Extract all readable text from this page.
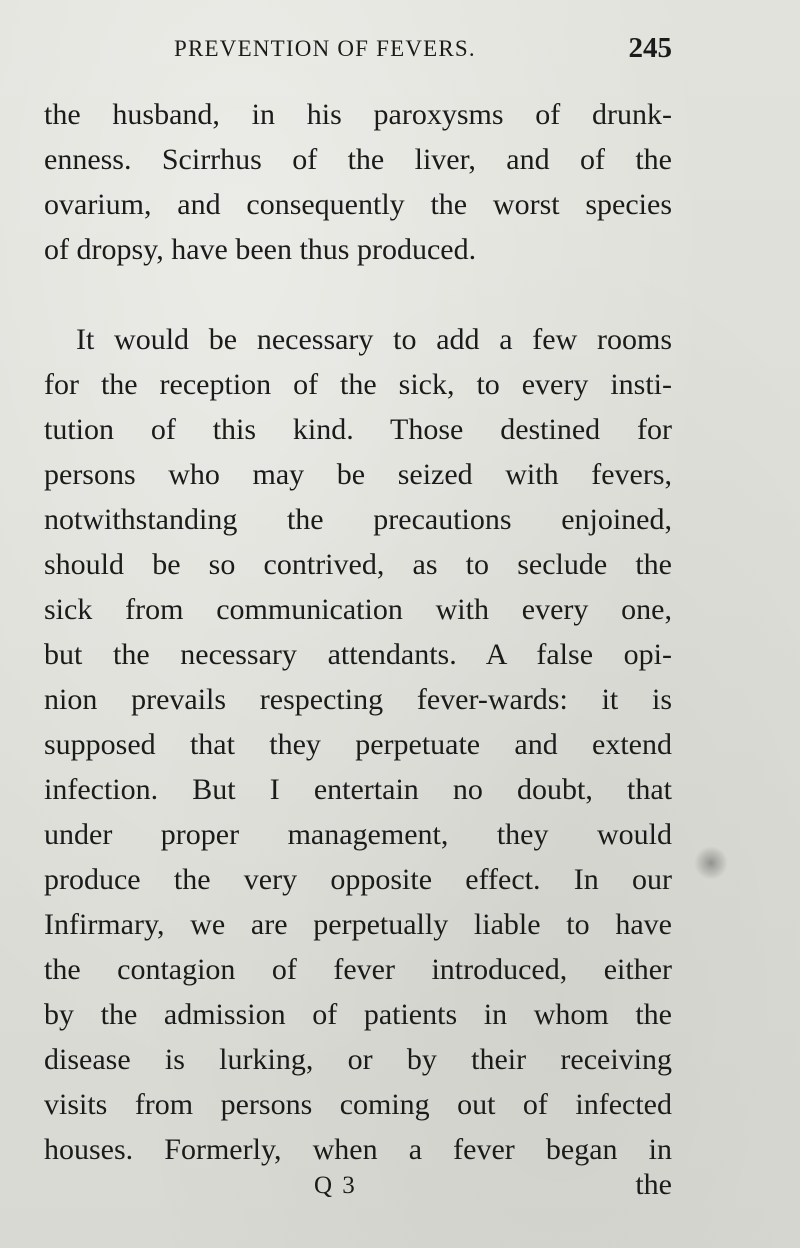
PREVENTION OF FEVERS.	245
the husband, in his paroxysms of drunk-
enness. Scirrhus of the liver, and of the
ovarium, and consequently the worst species
of dropsy, have been thus produced.
It would be necessary to add a few rooms
for the reception of the sick, to every insti-
tution of this kind. Those destined for
persons who may be seized with fevers,
notwithstanding the precautions enjoined,
should be so contrived, as to seclude the
sick from communication with every one,
but the necessary attendants. A false opi-
nion prevails respecting fever-wards: it is
supposed that they perpetuate and extend
infection. But I entertain no doubt, that
under proper management, they would
produce the very opposite effect. In our
Infirmary, we are perpetually liable to have
the contagion of fever introduced, either
by the admission of patients in whom the
disease is lurking, or by their receiving
visits from persons coming out of infected
houses. Formerly, when a fever began in
Q 3	the
